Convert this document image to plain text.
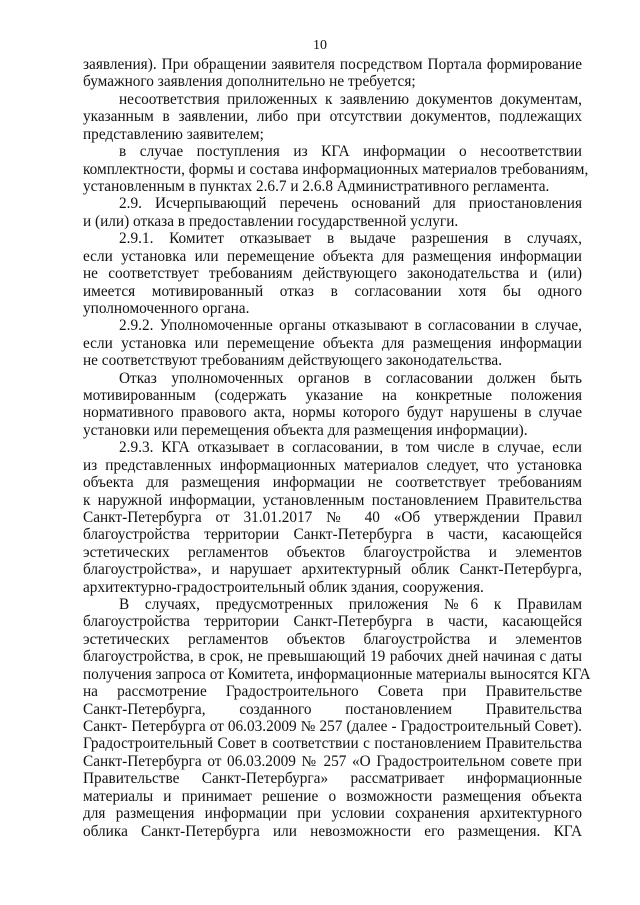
10
заявления). При обращении заявителя посредством Портала формирование
бумажного заявления дополнительно не требуется;
несоответствия приложенных к заявлению документов документам,
указанным в заявлении, либо при отсутствии документов, подлежащих
представлению заявителем;
в случае поступления из КГА информации о несоответствии
комплектности, формы и состава информационных материалов требованиям,
установленным в пунктах 2.6.7 и 2.6.8 Административного регламента.
2.9. Исчерпывающий перечень оснований для приостановления
и (или) отказа в предоставлении государственной услуги.
2.9.1. Комитет отказывает в выдаче разрешения в случаях,
если установка или перемещение объекта для размещения информации
не соответствует требованиям действующего законодательства и (или)
имеется мотивированный отказ в согласовании хотя бы одного
уполномоченного органа.
2.9.2. Уполномоченные органы отказывают в согласовании в случае,
если установка или перемещение объекта для размещения информации
не соответствуют требованиям действующего законодательства.
Отказ уполномоченных органов в согласовании должен быть
мотивированным (содержать указание на конкретные положения
нормативного правового акта, нормы которого будут нарушены в случае
установки или перемещения объекта для размещения информации).
2.9.3. КГА отказывает в согласовании, в том числе в случае, если
из представленных информационных материалов следует, что установка
объекта для размещения информации не соответствует требованиям
к наружной информации, установленным постановлением Правительства
Санкт-Петербурга от 31.01.2017 № 40 «Об утверждении Правил
благоустройства территории Санкт-Петербурга в части, касающейся
эстетических регламентов объектов благоустройства и элементов
благоустройства», и нарушает архитектурный облик Санкт-Петербурга,
архитектурно-градостроительный облик здания, сооружения.
В случаях, предусмотренных приложения №6 к Правилам
благоустройства территории Санкт-Петербурга в части, касающейся
эстетических регламентов объектов благоустройства и элементов
благоустройства, в срок, не превышающий 19 рабочих дней начиная с даты
получения запроса от Комитета, информационные материалы выносятся КГА
на рассмотрение Градостроительного Совета при Правительстве
Санкт-Петербурга, созданного постановлением Правительства
Санкт- Петербурга от 06.03.2009 № 257 (далее - Градостроительный Совет).
Градостроительный Совет в соответствии с постановлением Правительства
Санкт-Петербурга от 06.03.2009 № 257 «О Градостроительном совете при
Правительстве Санкт-Петербурга» рассматривает информационные
материалы и принимает решение о возможности размещения объекта
для размещения информации при условии сохранения архитектурного
облика Санкт-Петербурга или невозможности его размещения. КГА
